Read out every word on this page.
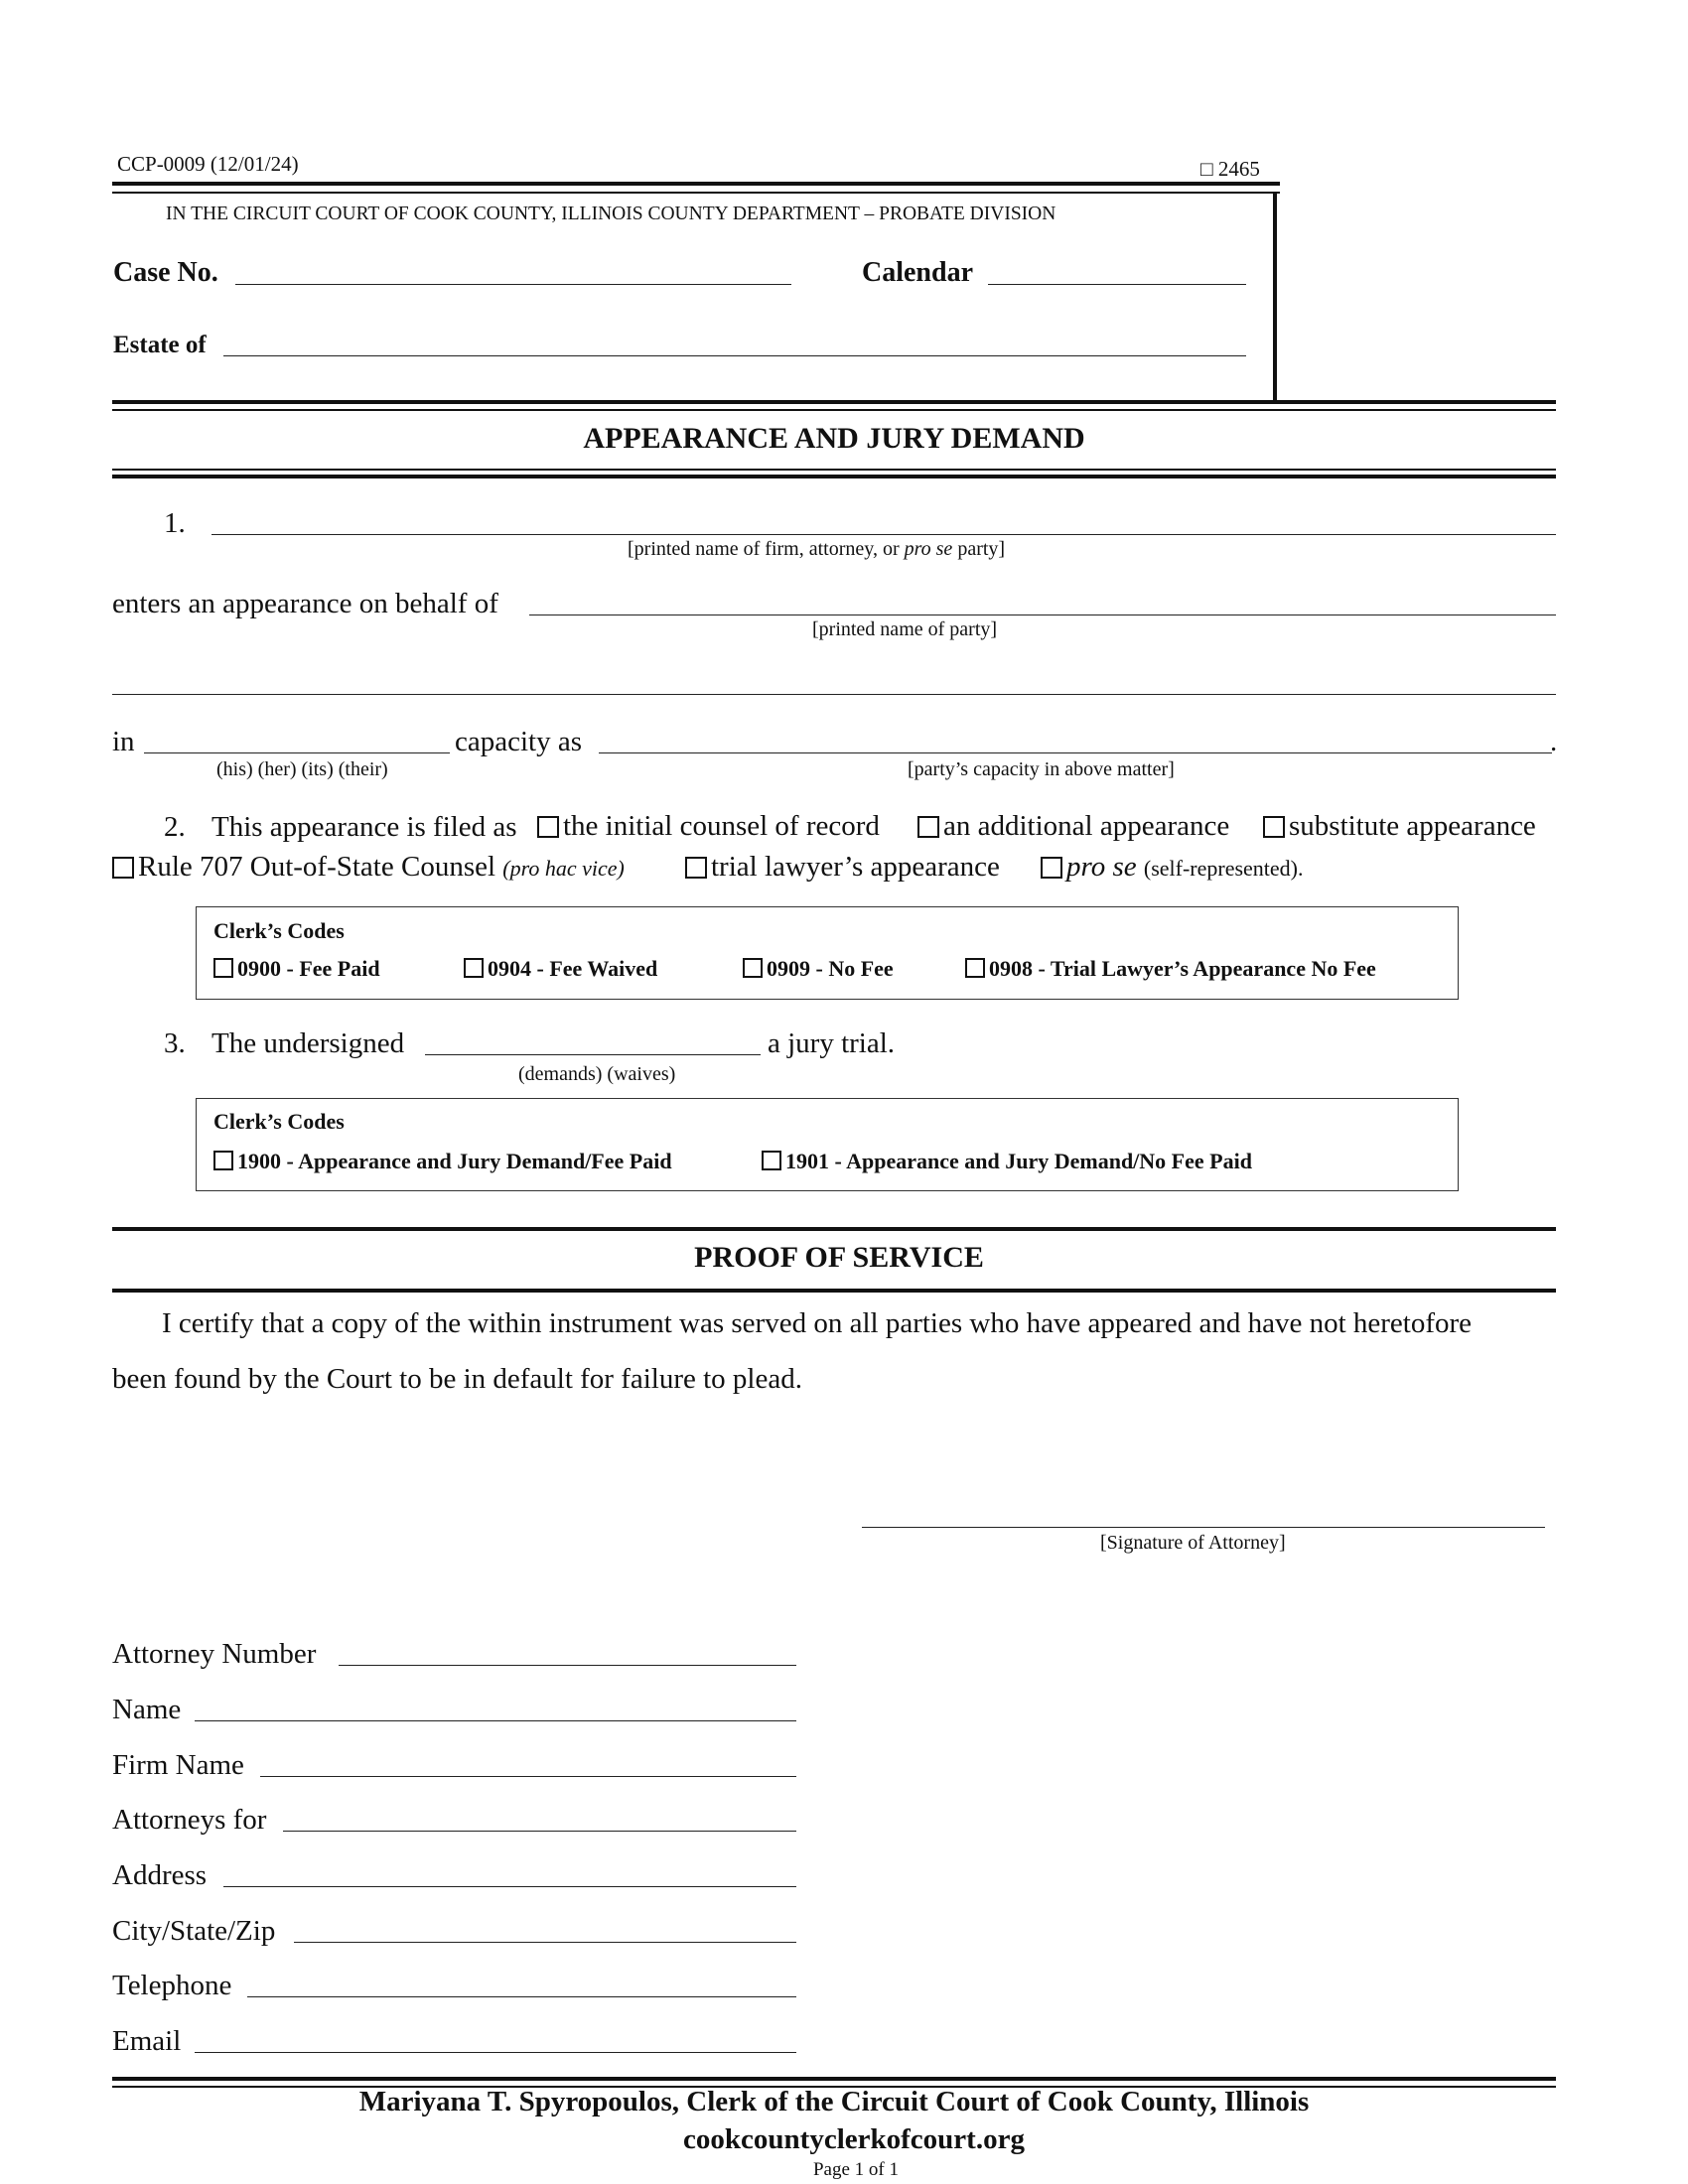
CCP-0009 (12/01/24)	□ 2465
IN THE CIRCUIT COURT OF COOK COUNTY, ILLINOIS COUNTY DEPARTMENT – PROBATE DIVISION
Case No.	Calendar
Estate of
APPEARANCE AND JURY DEMAND
1.
[printed name of firm, attorney, or pro se party]
enters an appearance on behalf of
[printed name of party]
in	capacity as	.
(his) (her) (its) (their)	[party’s capacity in above matter]
2. This appearance is filed as	the initial counsel of record	an additional appearance	substitute appearance
Rule 707 Out-of-State Counsel (pro hac vice)	trial lawyer’s appearance	pro se (self-represented).
Clerk’s Codes
0900 - Fee Paid	0904 - Fee Waived	0909 - No Fee	0908 - Trial Lawyer’s Appearance No Fee
3. The undersigned	a jury trial.
(demands) (waives)
Clerk’s Codes
1900 - Appearance and Jury Demand/Fee Paid	1901 - Appearance and Jury Demand/No Fee Paid
PROOF OF SERVICE
I certify that a copy of the within instrument was served on all parties who have appeared and have not heretofore
been found by the Court to be in default for failure to plead.
[Signature of Attorney]
Attorney Number
Name
Firm Name
Attorneys for
Address
City/State/Zip
Telephone
Email
Mariyana T. Spyropoulos, Clerk of the Circuit Court of Cook County, Illinois
cookcountyclerkofcourt.org
Page 1 of 1
